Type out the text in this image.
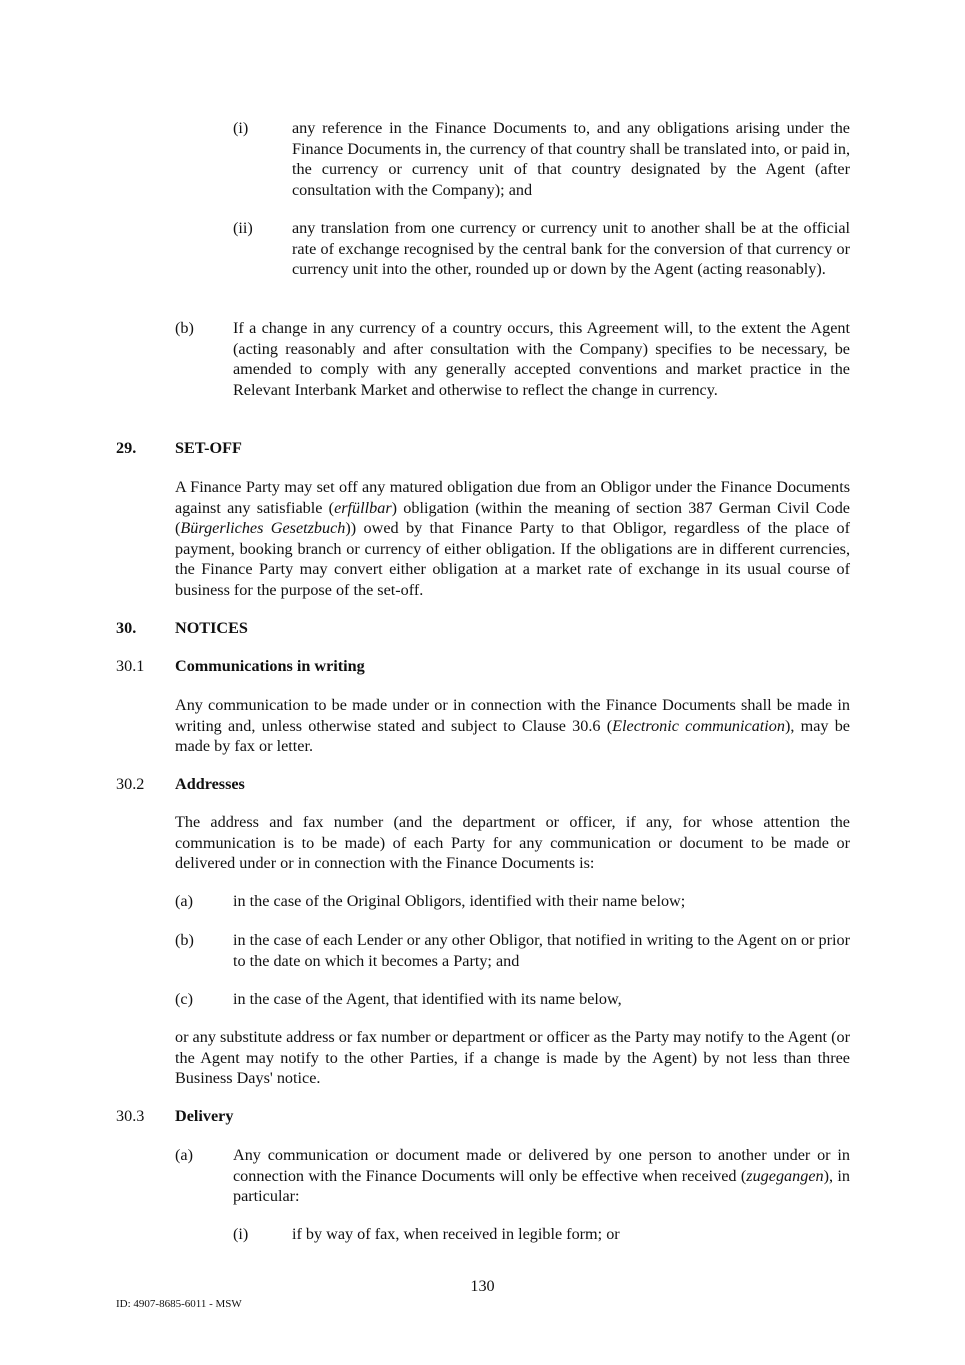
(i)	any reference in the Finance Documents to, and any obligations arising under the Finance Documents in, the currency of that country shall be translated into, or paid in, the currency or currency unit of that country designated by the Agent (after consultation with the Company); and
(ii) any translation from one currency or currency unit to another shall be at the official rate of exchange recognised by the central bank for the conversion of that currency or currency unit into the other, rounded up or down by the Agent (acting reasonably).
(b) If a change in any currency of a country occurs, this Agreement will, to the extent the Agent (acting reasonably and after consultation with the Company) specifies to be necessary, be amended to comply with any generally accepted conventions and market practice in the Relevant Interbank Market and otherwise to reflect the change in currency.
29. SET-OFF
A Finance Party may set off any matured obligation due from an Obligor under the Finance Documents against any satisfiable (erfüllbar) obligation (within the meaning of section 387 German Civil Code (Bürgerliches Gesetzbuch)) owed by that Finance Party to that Obligor, regardless of the place of payment, booking branch or currency of either obligation. If the obligations are in different currencies, the Finance Party may convert either obligation at a market rate of exchange in its usual course of business for the purpose of the set-off.
30. NOTICES
30.1 Communications in writing
Any communication to be made under or in connection with the Finance Documents shall be made in writing and, unless otherwise stated and subject to Clause 30.6 (Electronic communication), may be made by fax or letter.
30.2 Addresses
The address and fax number (and the department or officer, if any, for whose attention the communication is to be made) of each Party for any communication or document to be made or delivered under or in connection with the Finance Documents is:
(a) in the case of the Original Obligors, identified with their name below;
(b) in the case of each Lender or any other Obligor, that notified in writing to the Agent on or prior to the date on which it becomes a Party; and
(c) in the case of the Agent, that identified with its name below,
or any substitute address or fax number or department or officer as the Party may notify to the Agent (or the Agent may notify to the other Parties, if a change is made by the Agent) by not less than three Business Days' notice.
30.3 Delivery
(a) Any communication or document made or delivered by one person to another under or in connection with the Finance Documents will only be effective when received (zugegangen), in particular:
(i)	if by way of fax, when received in legible form; or
130
ID: 4907-8685-6011 - MSW
